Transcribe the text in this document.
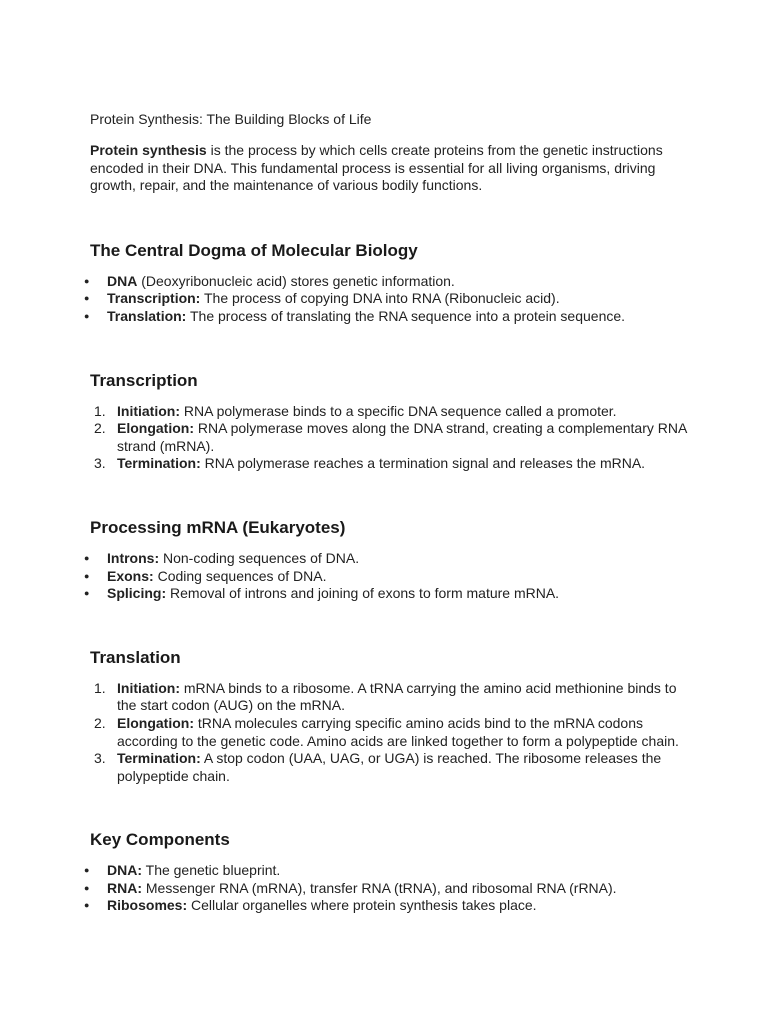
Protein Synthesis: The Building Blocks of Life

Protein synthesis is the process by which cells create proteins from the genetic instructions encoded in their DNA. This fundamental process is essential for all living organisms, driving growth, repair, and the maintenance of various bodily functions.

The Central Dogma of Molecular Biology
● DNA (Deoxyribonucleic acid) stores genetic information.
● Transcription: The process of copying DNA into RNA (Ribonucleic acid).
● Translation: The process of translating the RNA sequence into a protein sequence.
Transcription
1. Initiation: RNA polymerase binds to a specific DNA sequence called a promoter.
2. Elongation: RNA polymerase moves along the DNA strand, creating a complementary RNA strand (mRNA).
3. Termination: RNA polymerase reaches a termination signal and releases the mRNA.
Processing mRNA (Eukaryotes)
● Introns: Non-coding sequences of DNA.
● Exons: Coding sequences of DNA.
● Splicing: Removal of introns and joining of exons to form mature mRNA.
Translation
1. Initiation: mRNA binds to a ribosome. A tRNA carrying the amino acid methionine binds to the start codon (AUG) on the mRNA.
2. Elongation: tRNA molecules carrying specific amino acids bind to the mRNA codons according to the genetic code. Amino acids are linked together to form a polypeptide chain.
3. Termination: A stop codon (UAA, UAG, or UGA) is reached. The ribosome releases the polypeptide chain.
Key Components
● DNA: The genetic blueprint.
● RNA: Messenger RNA (mRNA), transfer RNA (tRNA), and ribosomal RNA (rRNA).
● Ribosomes: Cellular organelles where protein synthesis takes place.
